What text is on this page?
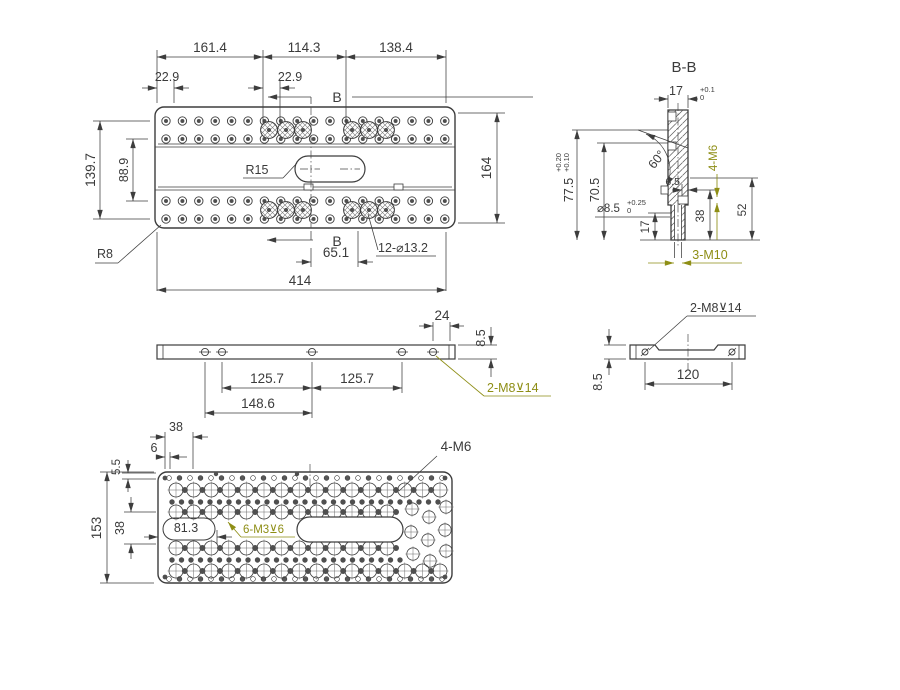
161.4	114.3	138.4
22.9	22.9
B
B
139.7 88.9	R15
R8	65.1
414
12-⌀13.2
164
B-B
17 +0.1
0
77.5
+0.20 +0.10
70.5
60°
6.5
⌀8.5
+0.25
0
17
38	52
4-M6
3-M10
24
8.5
125.7	125.7
148.6
2-M8⊻14
2-M8⊻14
120
8.5
81.3	6-M3⊻6
4-M6
38
6
5.5
38
153
